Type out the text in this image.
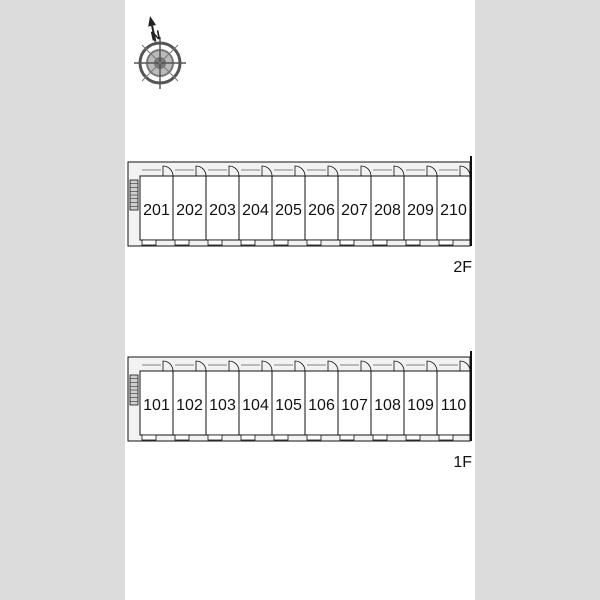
N
201 202 203 204 205 206 207 208 209 210
2F
101 102 103 104 105 106 107 108 109 110
1F
